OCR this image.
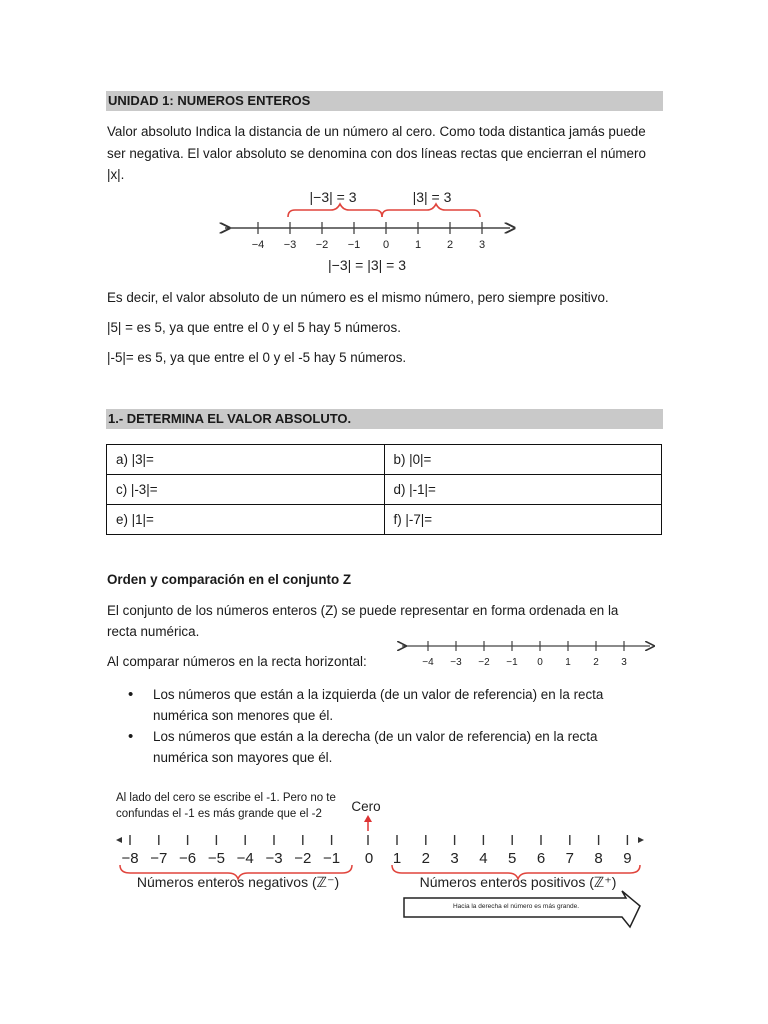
UNIDAD 1: NUMEROS ENTEROS
Valor absoluto Indica la distancia de un número al cero. Como toda distantica jamás puede
ser negativa. El valor absoluto se denomina con dos líneas rectas que encierran el número
|x|.
|−3| = 3	|3| = 3
−4 −3 −2 −1 0 1 2 3
|−3| = |3| = 3
Es decir, el valor absoluto de un número es el mismo número, pero siempre positivo.
|5| = es 5, ya que entre el 0 y el 5 hay 5 números.
|-5|= es 5, ya que entre el 0 y el -5 hay 5 números.
1.- DETERMINA EL VALOR ABSOLUTO.
a) |3|=	b) |0|=
c) |-3|=	d) |-1|=
e) |1|=	f) |-7|=
Orden y comparación en el conjunto Z
El conjunto de los números enteros (Z) se puede representar en forma ordenada en la
recta numérica.
Al comparar números en la recta horizontal:	−4 −3 −2 −1 0 1 2 3
• Los números que están a la izquierda (de un valor de referencia) en la recta
numérica son menores que él.
• Los números que están a la derecha (de un valor de referencia) en la recta
numérica son mayores que él.
Al lado del cero se escribe el -1. Pero no te
confundas el -1 es más grande que el -2	Cero
−8 −7 −6 −5 −4 −3 −2 −1	1 2 3 4 5 6 7 8 9
0
Números enteros negativos (ℤ⁻)	Números enteros positivos (ℤ⁺)
Hacia la derecha el número es más grande.
